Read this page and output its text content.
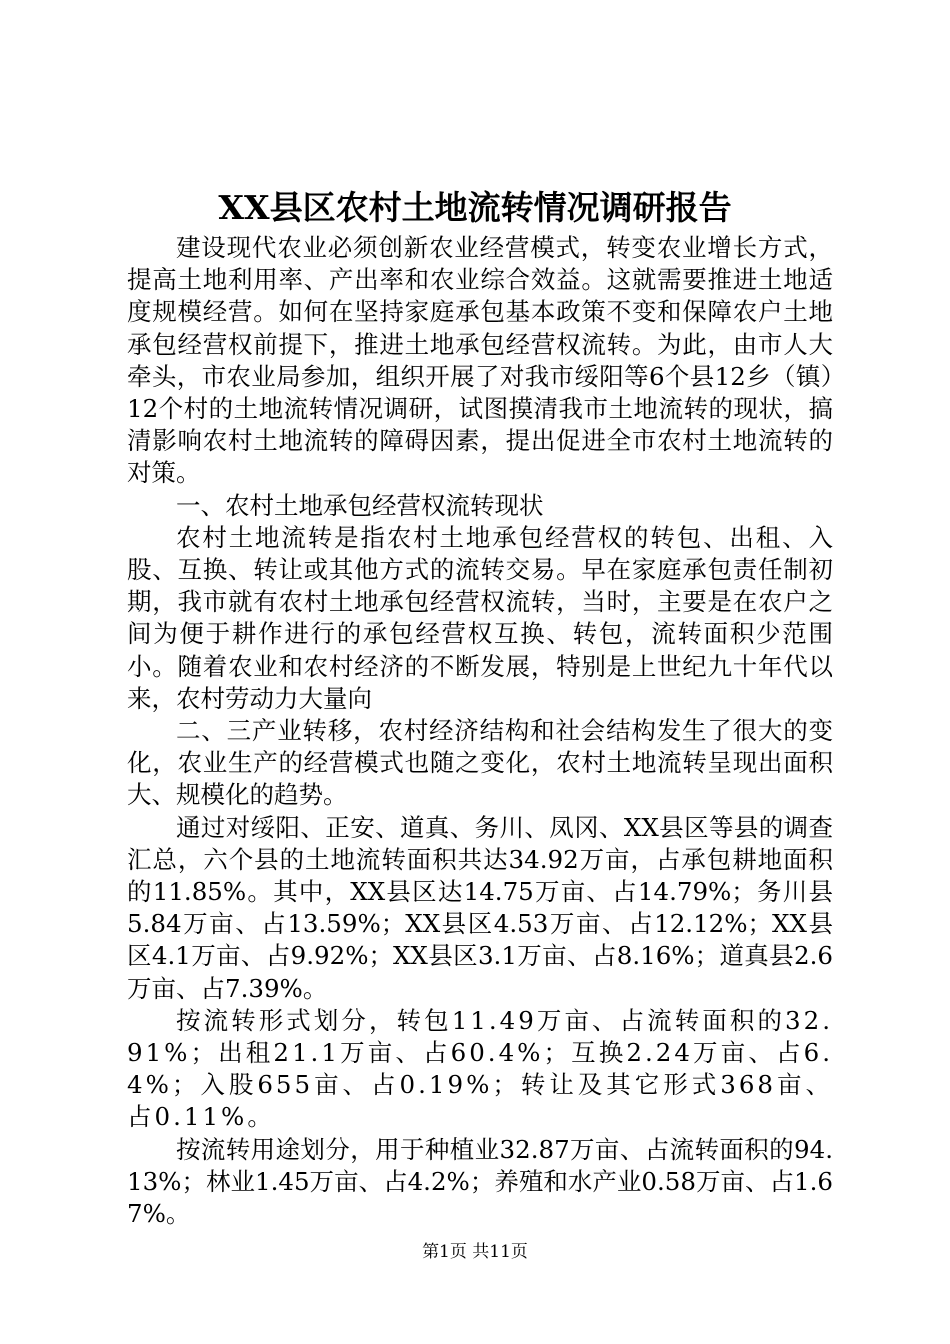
XX县区农村土地流转情况调研报告

建设现代农业必须创新农业经营模式，转变农业增长方式，提高土地利用率、产出率和农业综合效益。这就需要推进土地适度规模经营。如何在坚持家庭承包基本政策不变和保障农户土地承包经营权前提下，推进土地承包经营权流转。为此，由市人大牵头，市农业局参加，组织开展了对我市绥阳等6个县12乡（镇）12个村的土地流转情况调研，试图摸清我市土地流转的现状，搞清影响农村土地流转的障碍因素，提出促进全市农村土地流转的对策。

一、农村土地承包经营权流转现状

农村土地流转是指农村土地承包经营权的转包、出租、入股、互换、转让或其他方式的流转交易。早在家庭承包责任制初期，我市就有农村土地承包经营权流转，当时，主要是在农户之间为便于耕作进行的承包经营权互换、转包，流转面积少范围小。随着农业和农村经济的不断发展，特别是上世纪九十年代以来，农村劳动力大量向

二、三产业转移，农村经济结构和社会结构发生了很大的变化，农业生产的经营模式也随之变化，农村土地流转呈现出面积大、规模化的趋势。

通过对绥阳、正安、道真、务川、凤冈、XX县区等县的调查汇总，六个县的土地流转面积共达34.92万亩，占承包耕地面积的11.85%。其中，XX县区达14.75万亩、占14.79%；务川县5.84万亩、占13.59%；XX县区4.53万亩、占12.12%；XX县区4.1万亩、占9.92%；XX县区3.1万亩、占8.16%；道真县2.6万亩、占7.39%。

按流转形式划分，转包11.49万亩、占流转面积的32.91%；出租21.1万亩、占60.4%；互换2.24万亩、占6.4%；入股655亩、占0.19%；转让及其它形式368亩、占0.11%。

按流转用途划分，用于种植业32.87万亩、占流转面积的94.13%；林业1.45万亩、占4.2%；养殖和水产业0.58万亩、占1.67%。

第1页 共11页
